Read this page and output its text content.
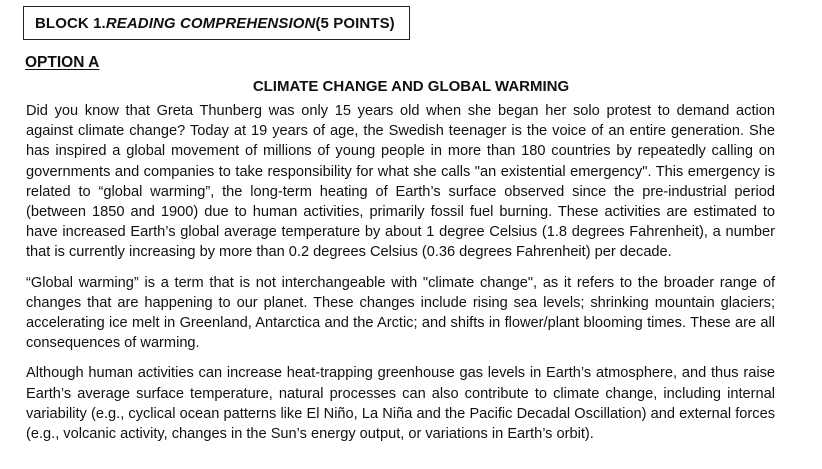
BLOCK 1. READING COMPREHENSION (5 POINTS)
OPTION A
CLIMATE CHANGE AND GLOBAL WARMING

Did you know that Greta Thunberg was only 15 years old when she began her solo protest to demand action against climate change? Today at 19 years of age, the Swedish teenager is the voice of an entire generation. She has inspired a global movement of millions of young people in more than 180 countries by repeatedly calling on governments and companies to take responsibility for what she calls "an existential emergency". This emergency is related to “global warming”, the long-term heating of Earth’s surface observed since the pre-industrial period (between 1850 and 1900) due to human activities, primarily fossil fuel burning. These activities are estimated to have increased Earth’s global average temperature by about 1 degree Celsius (1.8 degrees Fahrenheit), a number that is currently increasing by more than 0.2 degrees Celsius (0.36 degrees Fahrenheit) per decade.

“Global warming” is a term that is not interchangeable with "climate change", as it refers to the broader range of changes that are happening to our planet. These changes include rising sea levels; shrinking mountain glaciers; accelerating ice melt in Greenland, Antarctica and the Arctic; and shifts in flower/plant blooming times. These are all consequences of warming.

Although human activities can increase heat-trapping greenhouse gas levels in Earth’s atmosphere, and thus raise Earth’s average surface temperature, natural processes can also contribute to climate change, including internal variability (e.g., cyclical ocean patterns like El Niño, La Niña and the Pacific Decadal Oscillation) and external forces (e.g., volcanic activity, changes in the Sun’s energy output, or variations in Earth’s orbit).
